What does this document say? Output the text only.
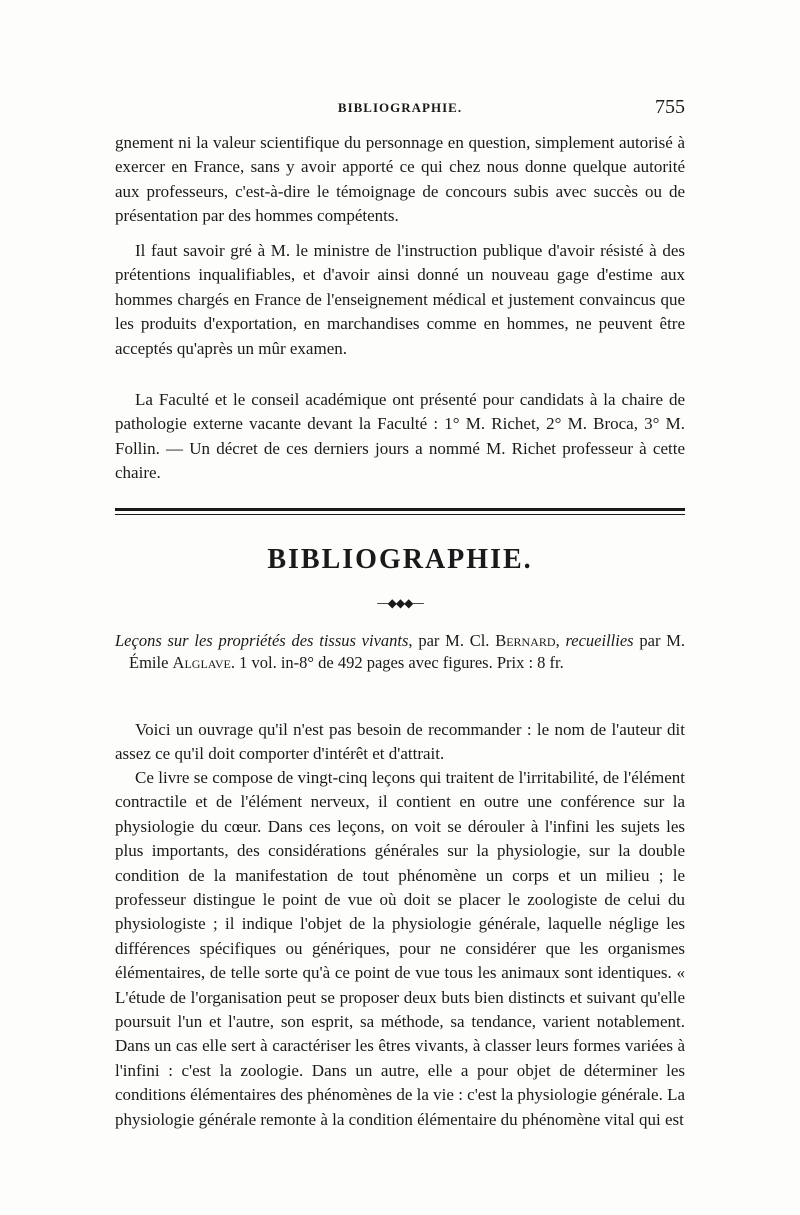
BIBLIOGRAPHIE.	755

gnement ni la valeur scientifique du personnage en question, simplement autorisé à exercer en France, sans y avoir apporté ce qui chez nous donne quelque autorité aux professeurs, c'est-à-dire le témoignage de concours subis avec succès ou de présentation par des hommes compétents.

Il faut savoir gré à M. le ministre de l'instruction publique d'avoir résisté à des prétentions inqualifiables, et d'avoir ainsi donné un nouveau gage d'estime aux hommes chargés en France de l'enseignement médical et justement convaincus que les produits d'exportation, en marchandises comme en hommes, ne peuvent être acceptés qu'après un mûr examen.

La Faculté et le conseil académique ont présenté pour candidats à la chaire de pathologie externe vacante devant la Faculté : 1° M. Richet, 2° M. Broca, 3° M. Follin. — Un décret de ces derniers jours a nommé M. Richet professeur à cette chaire.

BIBLIOGRAPHIE.
—◆◆◆—

Leçons sur les propriétés des tissus vivants, par M. Cl. Bernard, recueillies par M. Émile Alglave. 1 vol. in-8° de 492 pages avec figures. Prix : 8 fr.

Voici un ouvrage qu'il n'est pas besoin de recommander : le nom de l'auteur dit assez ce qu'il doit comporter d'intérêt et d'attrait.

Ce livre se compose de vingt-cinq leçons qui traitent de l'irritabilité, de l'élément contractile et de l'élément nerveux, il contient en outre une conférence sur la physiologie du cœur. Dans ces leçons, on voit se dérouler à l'infini les sujets les plus importants, des considérations générales sur la physiologie, sur la double condition de la manifestation de tout phénomène un corps et un milieu ; le professeur distingue le point de vue où doit se placer le zoologiste de celui du physiologiste ; il indique l'objet de la physiologie générale, laquelle néglige les différences spécifiques ou génériques, pour ne considérer que les organismes élémentaires, de telle sorte qu'à ce point de vue tous les animaux sont identiques. « L'étude de l'organisation peut se proposer deux buts bien distincts et suivant qu'elle poursuit l'un et l'autre, son esprit, sa méthode, sa tendance, varient notablement. Dans un cas elle sert à caractériser les êtres vivants, à classer leurs formes variées à l'infini : c'est la zoologie. Dans un autre, elle a pour objet de déterminer les conditions élémentaires des phénomènes de la vie : c'est la physiologie générale. La physiologie générale remonte à la condition élémentaire du phénomène vital qui est
